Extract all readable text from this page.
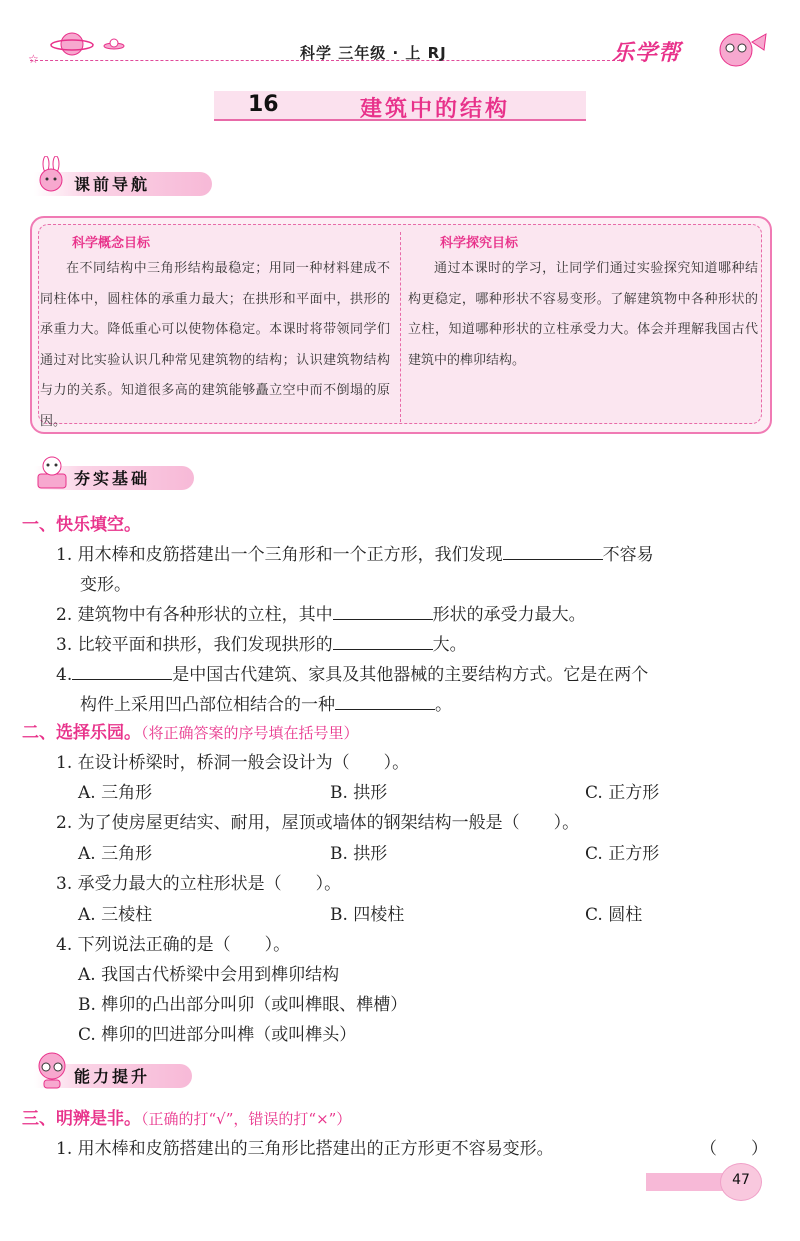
☆	科学 三年级 · 上 RJ	乐学帮
16	建筑中的结构
课前导航
科学概念目标
在不同结构中三角形结构最稳定；用同一种材料建成不同柱体中，圆柱体的承重力最大；在拱形和平面中，拱形的承重力大。降低重心可以使物体稳定。本课时将带领同学们通过对比实验认识几种常见建筑物的结构；认识建筑物结构与力的关系。知道很多高的建筑能够矗立空中而不倒塌的原因。
科学探究目标
通过本课时的学习，让同学们通过实验探究知道哪种结构更稳定，哪种形状不容易变形。了解建筑物中各种形状的立柱，知道哪种形状的立柱承受力大。体会并理解我国古代建筑中的榫卯结构。
夯实基础
一、快乐填空。
1. 用木棒和皮筋搭建出一个三角形和一个正方形，我们发现	不容易
变形。
2. 建筑物中有各种形状的立柱，其中	形状的承受力最大。
3. 比较平面和拱形，我们发现拱形的	大。
4.	是中国古代建筑、家具及其他器械的主要结构方式。它是在两个
构件上采用凹凸部位相结合的一种	。
二、选择乐园。（将正确答案的序号填在括号里）
1. 在设计桥梁时，桥洞一般会设计为（　　）。
A. 三角形	B. 拱形	C. 正方形
2. 为了使房屋更结实、耐用，屋顶或墙体的钢架结构一般是（　　）。
A. 三角形	B. 拱形	C. 正方形
3. 承受力最大的立柱形状是（　　）。
A. 三棱柱	B. 四棱柱	C. 圆柱
4. 下列说法正确的是（　　）。
A. 我国古代桥梁中会用到榫卯结构
B. 榫卯的凸出部分叫卯（或叫榫眼、榫槽）
C. 榫卯的凹进部分叫榫（或叫榫头）
能力提升
三、明辨是非。（正确的打“√”，错误的打“×”）
1. 用木棒和皮筋搭建出的三角形比搭建出的正方形更不容易变形。	（　　）
47
